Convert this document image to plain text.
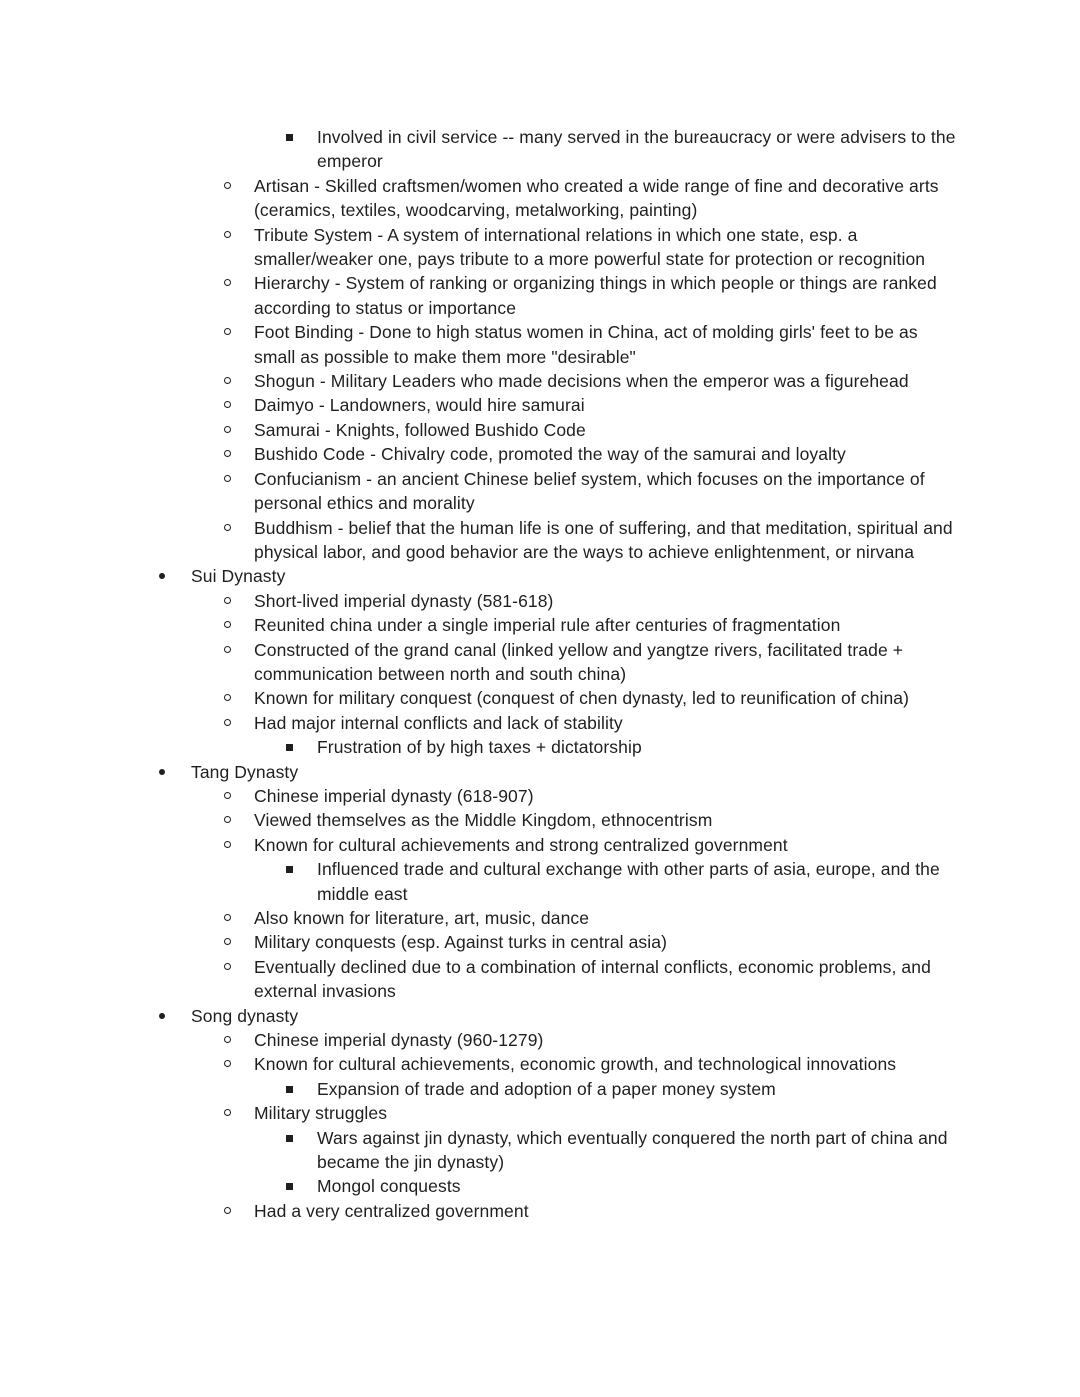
Involved in civil service -- many served in the bureaucracy or were advisers to the emperor
Artisan - Skilled craftsmen/women who created a wide range of fine and decorative arts (ceramics, textiles, woodcarving, metalworking, painting)
Tribute System - A system of international relations in which one state, esp. a smaller/weaker one, pays tribute to a more powerful state for protection or recognition
Hierarchy - System of ranking or organizing things in which people or things are ranked according to status or importance
Foot Binding - Done to high status women in China, act of molding girls' feet to be as small as possible to make them more "desirable"
Shogun - Military Leaders who made decisions when the emperor was a figurehead
Daimyo - Landowners, would hire samurai
Samurai - Knights, followed Bushido Code
Bushido Code - Chivalry code, promoted the way of the samurai and loyalty
Confucianism - an ancient Chinese belief system, which focuses on the importance of personal ethics and morality
Buddhism - belief that the human life is one of suffering, and that meditation, spiritual and physical labor, and good behavior are the ways to achieve enlightenment, or nirvana
Sui Dynasty
Short-lived imperial dynasty (581-618)
Reunited china under a single imperial rule after centuries of fragmentation
Constructed of the grand canal (linked yellow and yangtze rivers, facilitated trade + communication between north and south china)
Known for military conquest (conquest of chen dynasty, led to reunification of china)
Had major internal conflicts and lack of stability
Frustration of by high taxes + dictatorship
Tang Dynasty
Chinese imperial dynasty (618-907)
Viewed themselves as the Middle Kingdom, ethnocentrism
Known for cultural achievements and strong centralized government
Influenced trade and cultural exchange with other parts of asia, europe, and the middle east
Also known for literature, art, music, dance
Military conquests (esp. Against turks in central asia)
Eventually declined due to a combination of internal conflicts, economic problems, and external invasions
Song dynasty
Chinese imperial dynasty (960-1279)
Known for cultural achievements, economic growth, and technological innovations
Expansion of trade and adoption of a paper money system
Military struggles
Wars against jin dynasty, which eventually conquered the north part of china and became the jin dynasty)
Mongol conquests
Had a very centralized government
